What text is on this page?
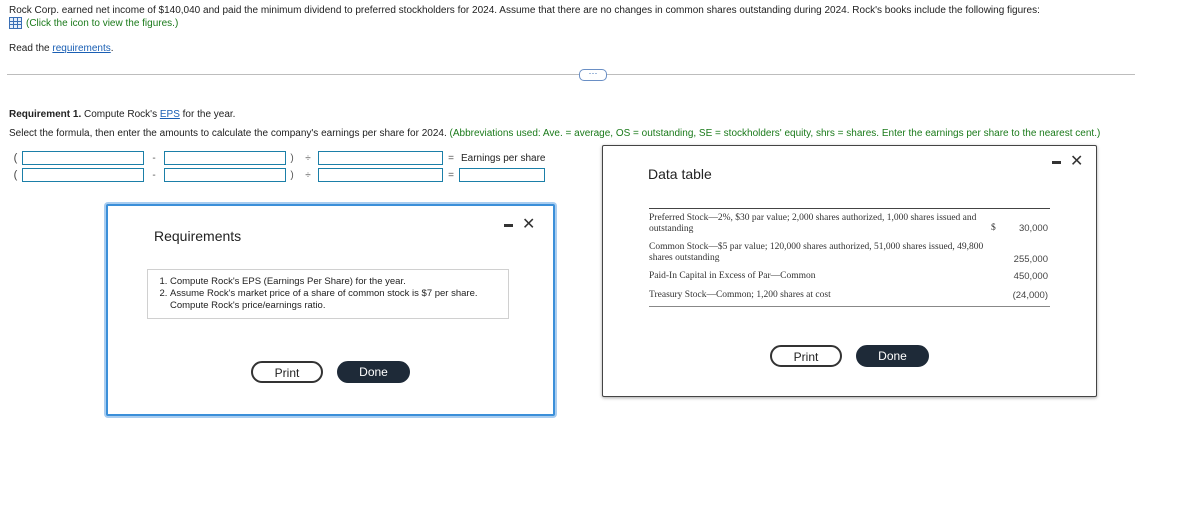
Rock Corp. earned net income of $140,040 and paid the minimum dividend to preferred stockholders for 2024. Assume that there are no changes in common shares outstanding during 2024. Rock's books include the following figures:
(Click the icon to view the figures.)
Read the requirements.
⋯
Requirement 1. Compute Rock's EPS for the year.
Select the formula, then enter the amounts to calculate the company's earnings per share for 2024. (Abbreviations used: Ave. = average, OS = outstanding, SE = stockholders' equity, shrs = shares. Enter the earnings per share to the nearest cent.)
(	-	)	÷	= Earnings per share
(	-	)	÷	=
Requirements
✕
1. Compute Rock's EPS (Earnings Per Share) for the year.
2. Assume Rock's market price of a share of common stock is $7 per share. Compute Rock's price/earnings ratio.
Print	Done
✕
Data table
Preferred Stock—2%, $30 par value; 2,000 shares authorized, 1,000 shares issued and outstanding	$	30,000
Common Stock—$5 par value; 120,000 shares authorized, 51,000 shares issued, 49,800 shares outstanding	255,000
Paid-In Capital in Excess of Par—Common	450,000
Treasury Stock—Common; 1,200 shares at cost	(24,000)
Print	Done
